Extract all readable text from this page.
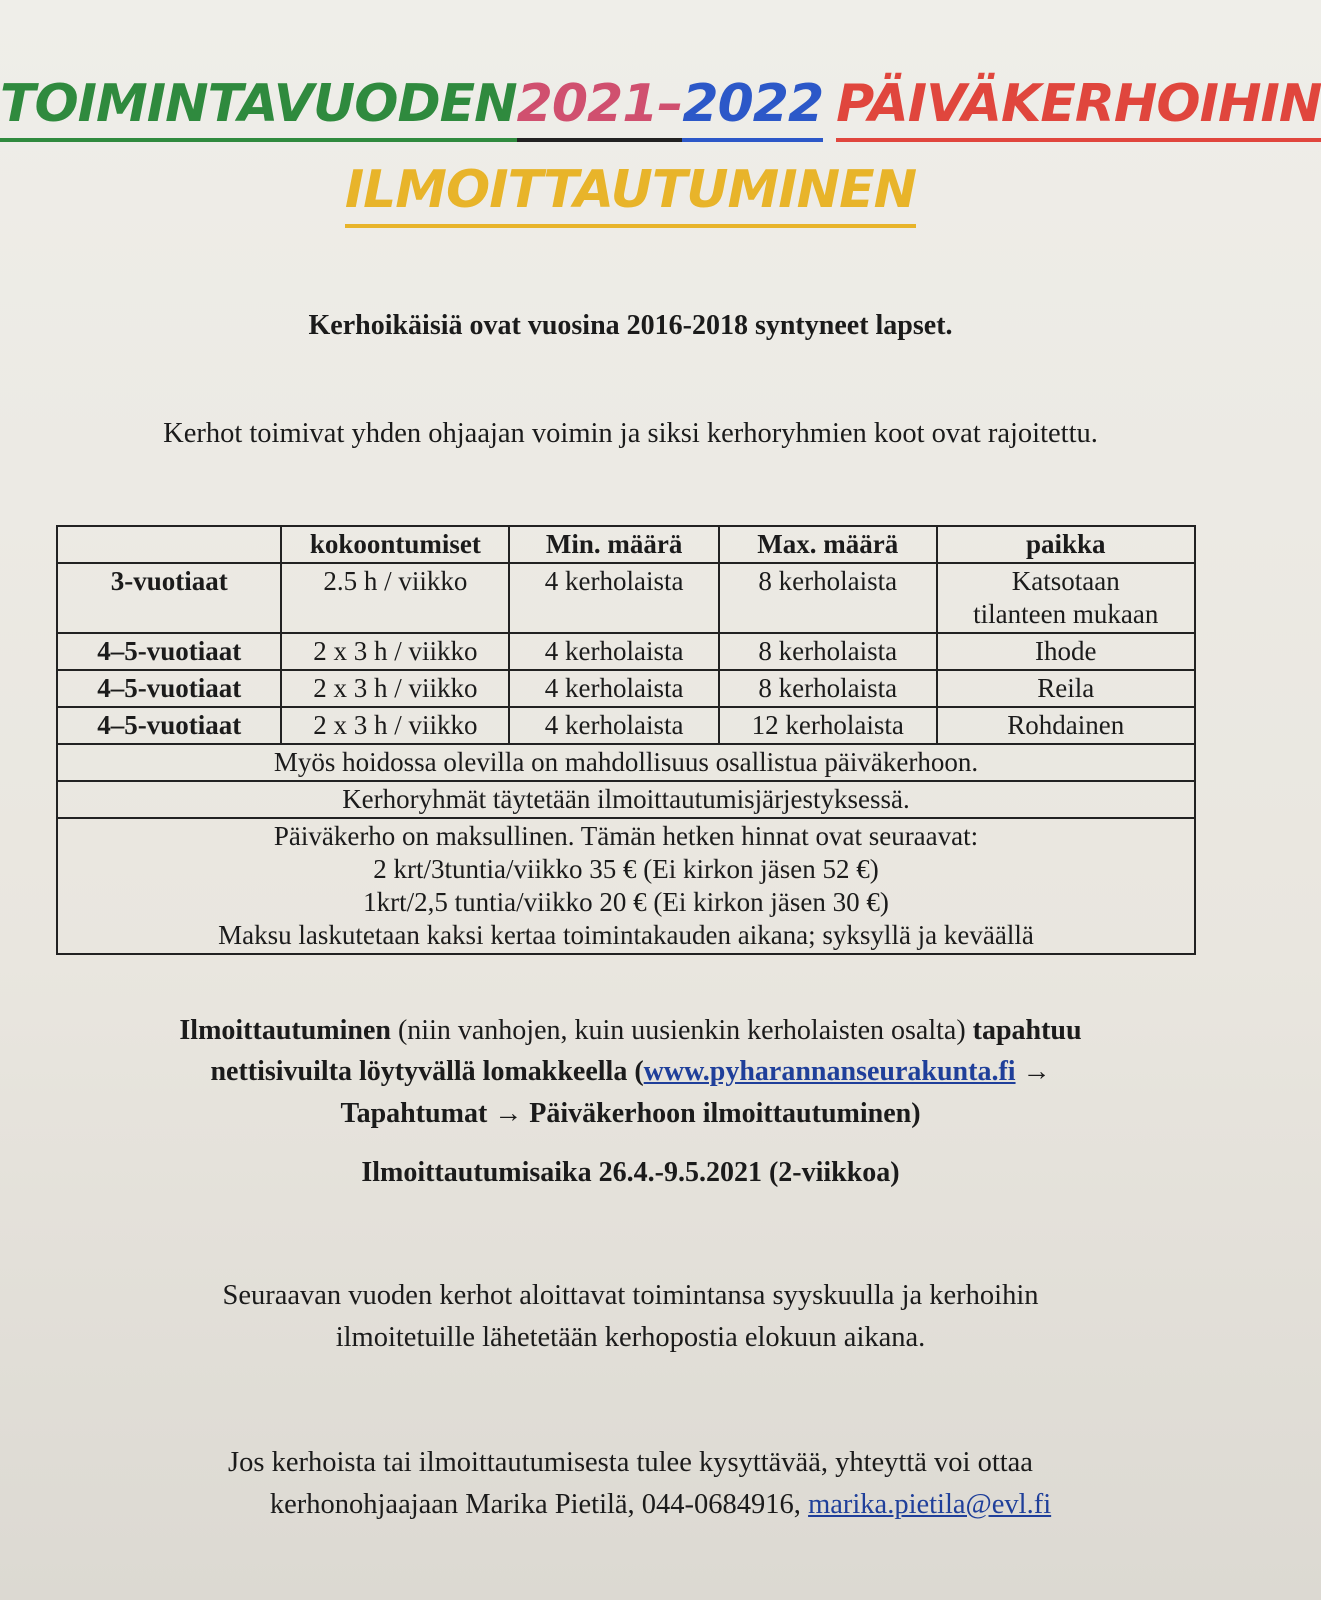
TOIMINTAVUODEN2021–2022 PÄIVÄKERHOIHIN
ILMOITTAUTUMINEN
Kerhoikäisiä ovat vuosina 2016-2018 syntyneet lapset.
Kerhot toimivat yhden ohjaajan voimin ja siksi kerhoryhmien koot ovat rajoitettu.
	kokoontumiset	Min. määrä	Max. määrä	paikka
3-vuotiaat	2.5 h / viikko	4 kerholaista	8 kerholaista	Katsotaan
tilanteen mukaan

4–5-vuotiaat	2 x 3 h / viikko	4 kerholaista	8 kerholaista	Ihode
4–5-vuotiaat	2 x 3 h / viikko	4 kerholaista	8 kerholaista	Reila
4–5-vuotiaat	2 x 3 h / viikko	4 kerholaista	12 kerholaista	Rohdainen
Myös hoidossa olevilla on mahdollisuus osallistua päiväkerhoon.				
Kerhoryhmät täytetään ilmoittautumisjärjestyksessä.				

Päiväkerho on maksullinen. Tämän hetken hinnat ovat seuraavat:
2 krt/3tuntia/viikko 35 € (Ei kirkon jäsen 52 €)
1krt/2,5 tuntia/viikko 20 € (Ei kirkon jäsen 30 €)
Maksu laskutetaan kaksi kertaa toimintakauden aikana; syksyllä ja keväällä				
Ilmoittautuminen (niin vanhojen, kuin uusienkin kerholaisten osalta) tapahtuu
nettisivuilta löytyvällä lomakkeella (www.pyharannanseurakunta.fi →
Tapahtumat → Päiväkerhoon ilmoittautuminen)
Ilmoittautumisaika 26.4.-9.5.2021 (2-viikkoa)
Seuraavan vuoden kerhot aloittavat toimintansa syyskuulla ja kerhoihin
ilmoitetuille lähetetään kerhopostia elokuun aikana.
Jos kerhoista tai ilmoittautumisesta tulee kysyttävää, yhteyttä voi ottaa
kerhonohjaajaan Marika Pietilä, 044-0684916, marika.pietila@evl.fi
